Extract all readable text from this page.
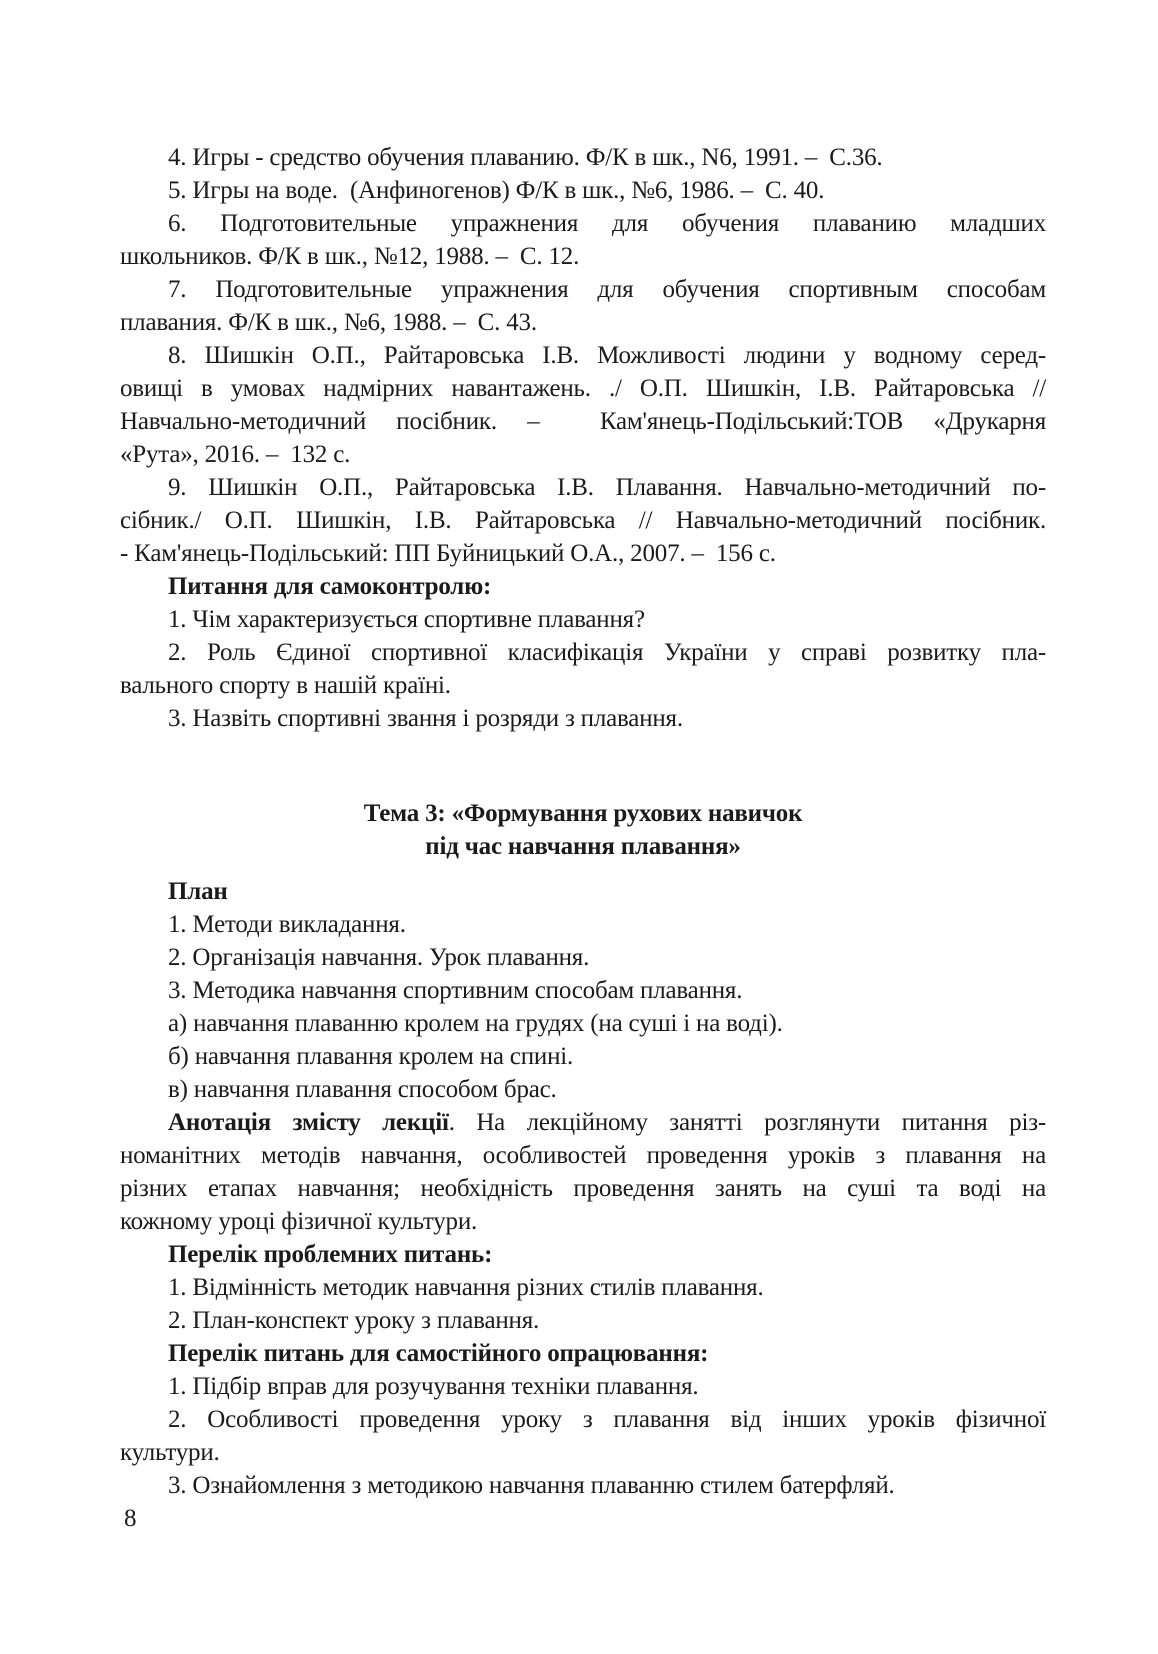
4. Игры - средство обучения плаванию. Ф/К в шк., N6, 1991. –  С.36.
5. Игры на воде.  (Анфиногенов) Ф/К в шк., №6, 1986. –  С. 40.
6. Подготовительные упражнения для обучения плаванию младших
школьников. Ф/К в шк., №12, 1988. –  С. 12.
7. Подготовительные упражнения для обучения спортивным способам
плавания. Ф/К в шк., №6, 1988. –  С. 43.
8. Шишкін О.П., Райтаровська І.В. Можливості людини у водному серед-
овищі в умовах надмірних навантажень. ./ О.П. Шишкін, І.В. Райтаровська //
Навчально-методичний посібник. –  Кам'янець-Подільський:ТОВ «Друкарня
«Рута», 2016. –  132 с.
9. Шишкін О.П., Райтаровська І.В. Плавання. Навчально-методичний по-
сібник./ О.П. Шишкін, І.В. Райтаровська // Навчально-методичний посібник.
- Кам'янець-Подільський: ПП Буйницький О.А., 2007. –  156 с.
Питання для самоконтролю:
1. Чім характеризується спортивне плавання?
2. Роль Єдиної спортивної класифікація України у справі розвитку пла-
вального спорту в нашій країні.
3. Назвіть спортивні звання і розряди з плавання.
Тема 3: «Формування рухових навичок
під час навчання плавання»
План
1. Методи викладання.
2. Організація навчання. Урок плавання.
3. Методика навчання спортивним способам плавання.
а) навчання плаванню кролем на грудях (на суші і на воді).
б) навчання плавання кролем на спині.
в) навчання плавання способом брас.
Анотація змісту лекції. На лекційному занятті розглянути питання різ-
номанітних методів навчання, особливостей проведення уроків з плавання на
різних етапах навчання; необхідність проведення занять на суші та воді на
кожному уроці фізичної культури.
Перелік проблемних питань:
1. Відмінність методик навчання різних стилів плавання.
2. План-конспект уроку з плавання.
Перелік питань для самостійного опрацювання:
1. Підбір вправ для розучування техніки плавання.
2. Особливості проведення уроку з плавання від інших уроків фізичної
культури.
3. Ознайомлення з методикою навчання плаванню стилем батерфляй.
8
